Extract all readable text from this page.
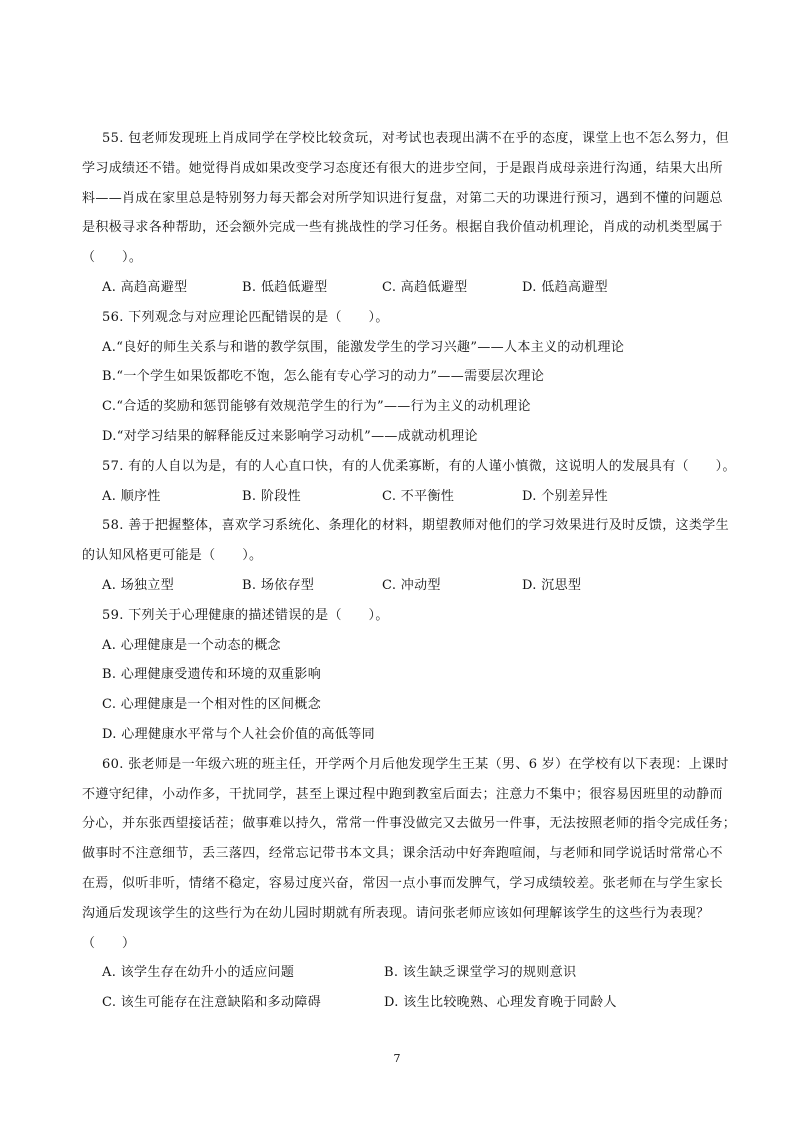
55. 包老师发现班上肖成同学在学校比较贪玩，对考试也表现出满不在乎的态度，课堂上也不怎么努力，但
学习成绩还不错。她觉得肖成如果改变学习态度还有很大的进步空间，于是跟肖成母亲进行沟通，结果大出所
料——肖成在家里总是特别努力每天都会对所学知识进行复盘，对第二天的功课进行预习，遇到不懂的问题总
是积极寻求各种帮助，还会额外完成一些有挑战性的学习任务。根据自我价值动机理论，肖成的动机类型属于
（　　）。
A. 高趋高避型	B. 低趋低避型	C. 高趋低避型	D. 低趋高避型
56. 下列观念与对应理论匹配错误的是（　　）。
A.“良好的师生关系与和谐的教学氛围，能激发学生的学习兴趣”——人本主义的动机理论
B.“一个学生如果饭都吃不饱，怎么能有专心学习的动力”——需要层次理论
C.“合适的奖励和惩罚能够有效规范学生的行为”——行为主义的动机理论
D.“对学习结果的解释能反过来影响学习动机”——成就动机理论
57. 有的人自以为是，有的人心直口快，有的人优柔寡断，有的人谨小慎微，这说明人的发展具有（　　）。
A. 顺序性	B. 阶段性	C. 不平衡性	D. 个别差异性
58. 善于把握整体，喜欢学习系统化、条理化的材料，期望教师对他们的学习效果进行及时反馈，这类学生
的认知风格更可能是（　　）。
A. 场独立型	B. 场依存型	C. 冲动型	D. 沉思型
59. 下列关于心理健康的描述错误的是（　　）。
A. 心理健康是一个动态的概念
B. 心理健康受遗传和环境的双重影响
C. 心理健康是一个相对性的区间概念
D. 心理健康水平常与个人社会价值的高低等同
60. 张老师是一年级六班的班主任，开学两个月后他发现学生王某（男、6 岁）在学校有以下表现：上课时
不遵守纪律，小动作多，干扰同学，甚至上课过程中跑到教室后面去；注意力不集中；很容易因班里的动静而
分心，并东张西望接话茬；做事难以持久，常常一件事没做完又去做另一件事，无法按照老师的指令完成任务；
做事时不注意细节，丢三落四，经常忘记带书本文具；课余活动中好奔跑喧闹，与老师和同学说话时常常心不
在焉，似听非听，情绪不稳定，容易过度兴奋，常因一点小事而发脾气，学习成绩较差。张老师在与学生家长
沟通后发现该学生的这些行为在幼儿园时期就有所表现。请问张老师应该如何理解该学生的这些行为表现？
（　　）
A. 该学生存在幼升小的适应问题	B. 该生缺乏课堂学习的规则意识
C. 该生可能存在注意缺陷和多动障碍	D. 该生比较晚熟、心理发育晚于同龄人
7
